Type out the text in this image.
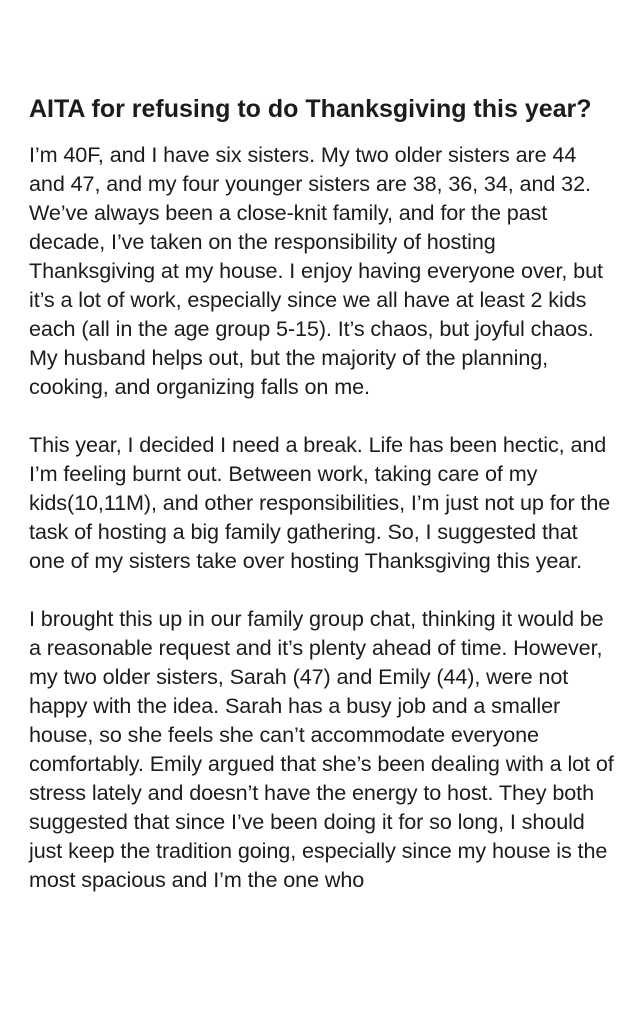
AITA for refusing to do Thanksgiving this year?

I’m 40F, and I have six sisters. My two older sisters are 44 and 47, and my four younger sisters are 38, 36, 34, and 32. We’ve always been a close-knit family, and for the past decade, I’ve taken on the responsibility of hosting Thanksgiving at my house. I enjoy having everyone over, but it’s a lot of work, especially since we all have at least 2 kids each (all in the age group 5-15). It’s chaos, but joyful chaos. My husband helps out, but the majority of the planning, cooking, and organizing falls on me.

This year, I decided I need a break. Life has been hectic, and I’m feeling burnt out. Between work, taking care of my kids(10,11M), and other responsibilities, I’m just not up for the task of hosting a big family gathering. So, I suggested that one of my sisters take over hosting Thanksgiving this year.

I brought this up in our family group chat, thinking it would be a reasonable request and it’s plenty ahead of time. However, my two older sisters, Sarah (47) and Emily (44), were not happy with the idea. Sarah has a busy job and a smaller house, so she feels she can’t accommodate everyone comfortably. Emily argued that she’s been dealing with a lot of stress lately and doesn’t have the energy to host. They both suggested that since I’ve been doing it for so long, I should just keep the tradition going, especially since my house is the most spacious and I’m the one who
